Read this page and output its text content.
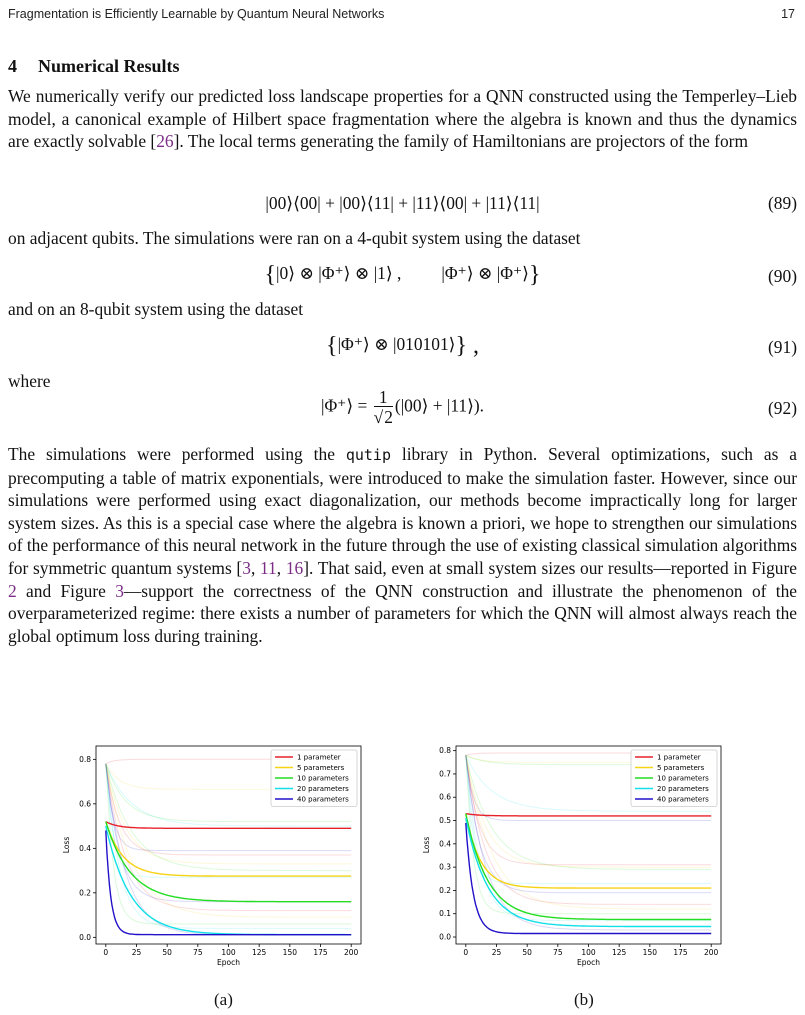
Fragmentation is Efficiently Learnable by Quantum Neural Networks	17
4 Numerical Results

We numerically verify our predicted loss landscape properties for a QNN constructed using the Temperley–Lieb model, a canonical example of Hilbert space fragmentation where the algebra is known and thus the dynamics are exactly solvable [26]. The local terms generating the family of Hamiltonians are projectors of the form

|00⟩⟨00| + |00⟩⟨11| + |11⟩⟨00| + |11⟩⟨11|	(89)
on adjacent qubits. The simulations were ran on a 4-qubit system using the dataset
{|0⟩ ⊗ |Φ⁺⟩ ⊗ |1⟩ , |Φ⁺⟩ ⊗ |Φ⁺⟩}	(90)
and on an 8-qubit system using the dataset
{|Φ⁺⟩ ⊗ |010101⟩} ,	(91)
where
|Φ⁺⟩ = $\frac{1}{√2}$ (|00⟩ + |11⟩).	(92)

The simulations were performed using the qutip library in Python. Several optimizations, such as a precomputing a table of matrix exponentials, were introduced to make the simulation faster. However, since our simulations were performed using exact diagonalization, our methods become impractically long for larger system sizes. As this is a special case where the algebra is known a priori, we hope to strengthen our simulations of the performance of this neural network in the future through the use of existing classical simulation algorithms for symmetric quantum systems [3, 11, 16]. That said, even at small system sizes our results—reported in Figure 2 and Figure 3—support the correctness of the QNN construction and illustrate the phenomenon of the overparameterized regime: there exists a number of parameters for which the QNN will almost always reach the global optimum loss during training.

0	25	50	75 100 125 150 175 200
0.0
0.2
0.4
0.6
0.8
Epoch
Loss
1 parameter
5 parameters
10 parameters
20 parameters
40 parameters
0	25	50	75 100 125 150 175 200
0.0
0.1
0.2
0.3
0.4
0.5
0.6
0.7
0.8
Epoch
Loss
1 parameter
5 parameters
10 parameters
20 parameters
40 parameters
(a)	(b)
